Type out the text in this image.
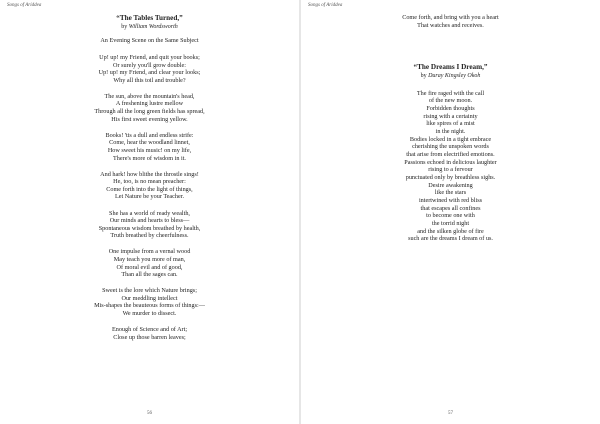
Songs of Ariddea
“The Tables Turned,”
by William Wordsworth
An Evening Scene on the Same Subject
Up! up! my Friend, and quit your books;
Or surely you'll grow double:
Up! up! my Friend, and clear your looks;
Why all this toil and trouble?
The sun, above the mountain's head,
A freshening lustre mellow
Through all the long green fields has spread,
His first sweet evening yellow.
Books! 'tis a dull and endless strife:
Come, hear the woodland linnet,
How sweet his music! on my life,
There's more of wisdom in it.
And hark! how blithe the throstle sings!
He, too, is no mean preacher:
Come forth into the light of things,
Let Nature be your Teacher.
She has a world of ready wealth,
Our minds and hearts to bless—
Spontaneous wisdom breathed by health,
Truth breathed by cheerfulness.
One impulse from a vernal wood
May teach you more of man,
Of moral evil and of good,
Than all the sages can.
Sweet is the lore which Nature brings;
Our meddling intellect
Mis-shapes the beauteous forms of things:—
We murder to dissect.
Enough of Science and of Art;
Close up those barren leaves;
56
Songs of Ariddea
Come forth, and bring with you a heart
That watches and receives.
“The Dreams I Dream,”
by Duray Kingsley Okoh
The fire raged with the call
of the new moon.
Forbidden thoughts
rising with a certainty
like spires of a mist
in the night.
Bodies locked in a tight embrace
cherishing the unspoken words
that arise from electrified emotions.
Passions echoed in delicious laughter
rising to a fervour
punctuated only by breathless sighs.
Desire awakening
like the stars
intertwined with red bliss
that escapes all confines
to become one with
the torrid night
and the silken globe of fire
such are the dreams I dream of us.
57
